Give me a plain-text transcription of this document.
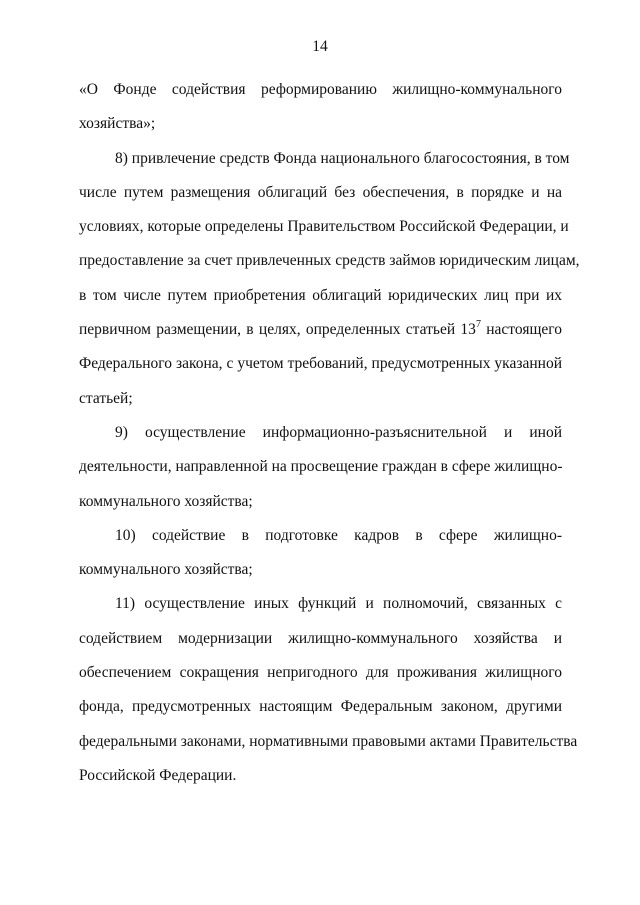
14
«О Фонде содействия реформированию жилищно-коммунального
хозяйства»;
8) привлечение средств Фонда национального благосостояния, в том
числе путем размещения облигаций без обеспечения, в порядке и на
условиях, которые определены Правительством Российской Федерации, и
предоставление за счет привлеченных средств займов юридическим лицам,
в том числе путем приобретения облигаций юридических лиц при их
первичном размещении, в целях, определенных статьей $13^7$ настоящего
Федерального закона, с учетом требований, предусмотренных указанной
статьей;
9) осуществление информационно-разъяснительной и иной
деятельности, направленной на просвещение граждан в сфере жилищно-
коммунального хозяйства;
10) содействие в подготовке кадров в сфере жилищно-
коммунального хозяйства;
11) осуществление иных функций и полномочий, связанных с
содействием модернизации жилищно-коммунального хозяйства и
обеспечением сокращения непригодного для проживания жилищного
фонда, предусмотренных настоящим Федеральным законом, другими
федеральными законами, нормативными правовыми актами Правительства
Российской Федерации.
